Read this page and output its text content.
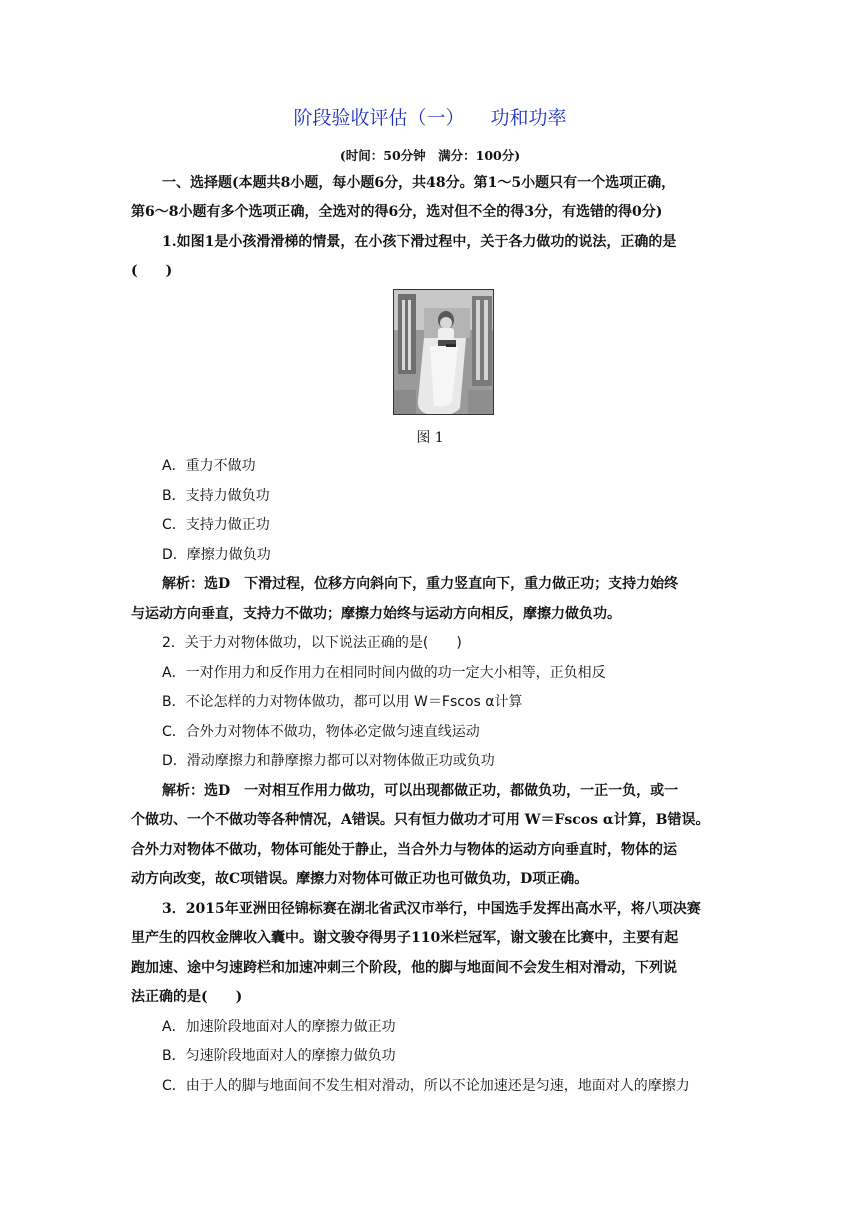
阶段验收评估（一） 功和功率
(时间：50分钟　满分：100分)
一、选择题(本题共8小题，每小题6分，共48分。第1～5小题只有一个选项正确，
第6～8小题有多个选项正确，全选对的得6分，选对但不全的得3分，有选错的得0分)
1.如图1是小孩滑滑梯的情景，在小孩下滑过程中，关于各力做功的说法，正确的是
(　　)
图 1
A．重力不做功
B．支持力做负功
C．支持力做正功
D．摩擦力做负功
解析：选D　下滑过程，位移方向斜向下，重力竖直向下，重力做正功；支持力始终
与运动方向垂直，支持力不做功；摩擦力始终与运动方向相反，摩擦力做负功。
2．关于力对物体做功，以下说法正确的是(　　)
A．一对作用力和反作用力在相同时间内做的功一定大小相等，正负相反
B．不论怎样的力对物体做功，都可以用 W＝Fscos α计算
C．合外力对物体不做功，物体必定做匀速直线运动
D．滑动摩擦力和静摩擦力都可以对物体做正功或负功
解析：选D　一对相互作用力做功，可以出现都做正功，都做负功，一正一负，或一
个做功、一个不做功等各种情况，A错误。只有恒力做功才可用 W＝Fscos α计算，B错误。
合外力对物体不做功，物体可能处于静止，当合外力与物体的运动方向垂直时，物体的运
动方向改变，故C项错误。摩擦力对物体可做正功也可做负功，D项正确。
3．2015年亚洲田径锦标赛在湖北省武汉市举行，中国选手发挥出高水平，将八项决赛
里产生的四枚金牌收入囊中。谢文骏夺得男子110米栏冠军，谢文骏在比赛中，主要有起
跑加速、途中匀速跨栏和加速冲刺三个阶段，他的脚与地面间不会发生相对滑动，下列说
法正确的是(　　)
A．加速阶段地面对人的摩擦力做正功
B．匀速阶段地面对人的摩擦力做负功
C．由于人的脚与地面间不发生相对滑动，所以不论加速还是匀速，地面对人的摩擦力
